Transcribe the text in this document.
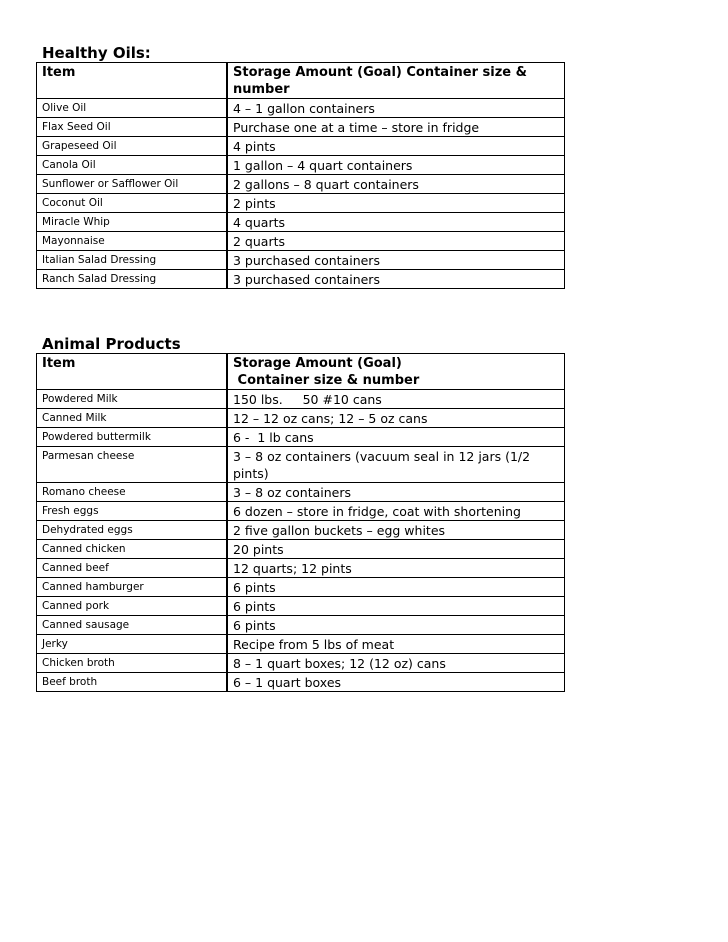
Healthy Oils:
Item	Storage Amount (Goal) Container size & number
Olive Oil	4 – 1 gallon containers
Flax Seed Oil	Purchase one at a time – store in fridge
Grapeseed Oil	4 pints
Canola Oil	1 gallon – 4 quart containers
Sunflower or Safflower Oil	2 gallons – 8 quart containers
Coconut Oil	2 pints
Miracle Whip	4 quarts
Mayonnaise	2 quarts
Italian Salad Dressing	3 purchased containers
Ranch Salad Dressing	3 purchased containers
Animal Products
Item	Storage Amount (Goal)
Container size & number

Powdered Milk	150 lbs.     50 #10 cans
Canned Milk	12 – 12 oz cans; 12 – 5 oz cans
Powdered buttermilk	6 -  1 lb cans
Parmesan cheese	3 – 8 oz containers (vacuum seal in 12 jars (1/2 pints)
Romano cheese	3 – 8 oz containers
Fresh eggs	6 dozen – store in fridge, coat with shortening
Dehydrated eggs	2 five gallon buckets – egg whites
Canned chicken	20 pints
Canned beef	12 quarts; 12 pints
Canned hamburger	6 pints
Canned pork	6 pints
Canned sausage	6 pints
Jerky	Recipe from 5 lbs of meat
Chicken broth	8 – 1 quart boxes; 12 (12 oz) cans
Beef broth	6 – 1 quart boxes
